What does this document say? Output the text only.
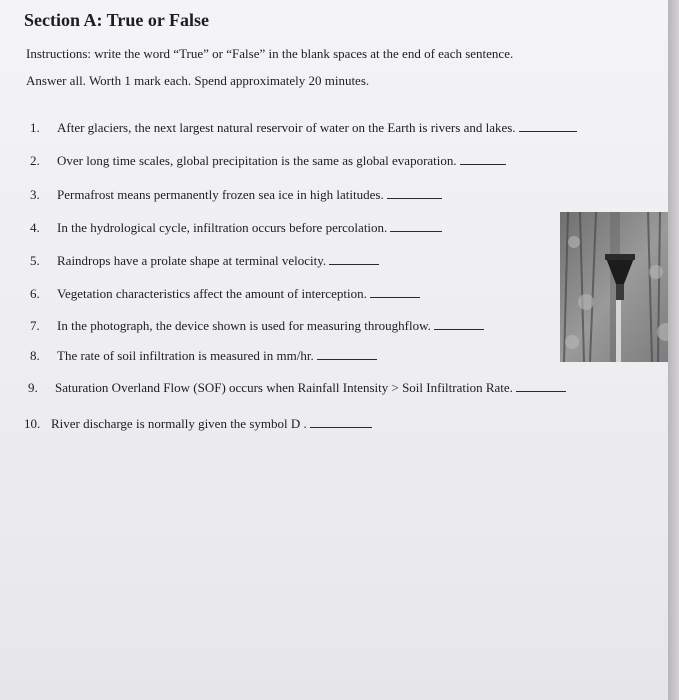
Section A: True or False
Instructions: write the word “True” or “False” in the blank spaces at the end of each sentence.
Answer all. Worth 1 mark each. Spend approximately 20 minutes.
1. After glaciers, the next largest natural reservoir of water on the Earth is rivers and lakes.
2. Over long time scales, global precipitation is the same as global evaporation.
3. Permafrost means permanently frozen sea ice in high latitudes.
4. In the hydrological cycle, infiltration occurs before percolation.
5. Raindrops have a prolate shape at terminal velocity.
6. Vegetation characteristics affect the amount of interception.
7. In the photograph, the device shown is used for measuring throughflow.
8. The rate of soil infiltration is measured in mm/hr.
9. Saturation Overland Flow (SOF) occurs when Rainfall Intensity > Soil Infiltration Rate.
10. River discharge is normally given the symbol D .
